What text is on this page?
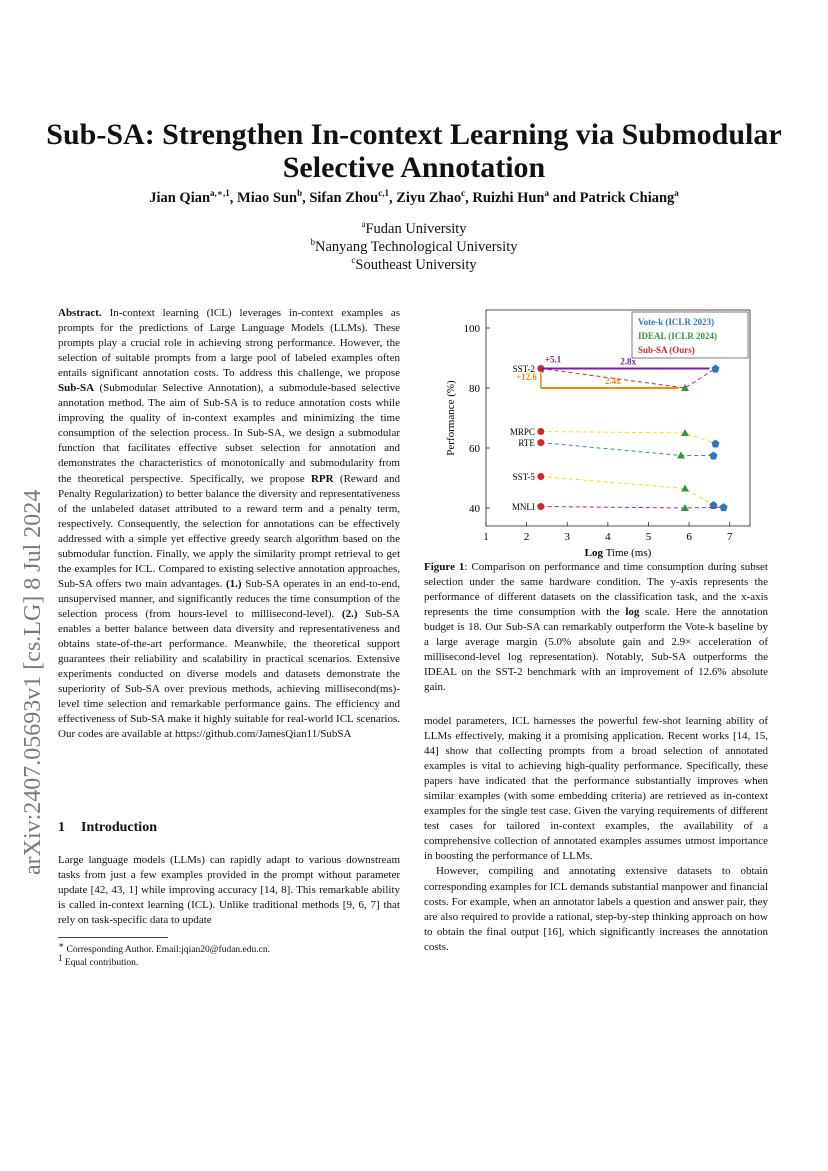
arXiv:2407.05693v1 [cs.LG] 8 Jul 2024
Sub-SA: Strengthen In-context Learning via Submodular
Selective Annotation
Jian Qian$^{a,∗,1}$, Miao Sun$^b$, Sifan Zhou$^{c,1}$, Ziyu Zhao$^c$, Ruizhi Hun$^a$ and Patrick Chiang$^a$
$^a$Fudan University
$^b$Nanyang Technological University
$^c$Southeast University

Abstract. In-context learning (ICL) leverages in-context examples as prompts for the predictions of Large Language Models (LLMs). These prompts play a crucial role in achieving strong performance. However, the selection of suitable prompts from a large pool of labeled examples often entails significant annotation costs. To address this challenge, we propose Sub-SA (Submodular Selective Annotation), a submodule-based selective annotation method. The aim of Sub-SA is to reduce annotation costs while improving the quality of in-context examples and minimizing the time consumption of the selection process. In Sub-SA, we design a submodular function that facilitates effective subset selection for annotation and demonstrates the characteristics of monotonically and submodularity from the theoretical perspective. Specifically, we propose RPR (Reward and Penalty Regularization) to better balance the diversity and representativeness of the unlabeled dataset attributed to a reward term and a penalty term, respectively. Consequently, the selection for annotations can be effectively addressed with a simple yet effective greedy search algorithm based on the submodular function. Finally, we apply the similarity prompt retrieval to get the examples for ICL. Compared to existing selective annotation approaches, Sub-SA offers two main advantages. (1.) Sub-SA operates in an end-to-end, unsupervised manner, and significantly reduces the time consumption of the selection process (from hours-level to millisecond-level). (2.) Sub-SA enables a better balance between data diversity and representativeness and obtains state-of-the-art performance. Meanwhile, the theoretical support guarantees their reliability and scalability in practical scenarios. Extensive experiments conducted on diverse models and datasets demonstrate the superiority of Sub-SA over previous methods, achieving millisecond(ms)-level time selection and remarkable performance gains. The efficiency and effectiveness of Sub-SA make it highly suitable for real-world ICL scenarios. Our codes are available at https://github.com/JamesQian11/SubSA

1 Introduction

Large language models (LLMs) can rapidly adapt to various downstream tasks from just a few examples provided in the prompt without parameter update [42, 43, 1] while improving accuracy [14, 8]. This remarkable ability is called in-context learning (ICL). Unlike traditional methods [9, 6, 7] that rely on task-specific data to update

∗ Corresponding Author. Email:jqian20@fudan.edu.cn.
$^1$ Equal contribution.
1	2	3	4	5	6	7
40
60
80
100
Log Time (ms)
Performance (%)
Vote-k (ICLR 2023)
IDEAL (ICLR 2024)
Sub-SA (Ours)
SST-2
MRPC
RTE
SST-5
MNLI
+5.1	2.8x
+12.6	2.4x

Figure 1: Comparison on performance and time consumption during subset selection under the same hardware condition. The y-axis represents the performance of different datasets on the classification task, and the x-axis represents the time consumption with the log scale. Here the annotation budget is 18. Our Sub-SA can remarkably outperform the Vote-k baseline by a large average margin (5.0% absolute gain and 2.9× acceleration of millisecond-level log representation). Notably, Sub-SA outperforms the IDEAL on the SST-2 benchmark with an improvement of 12.6% absolute gain.

model parameters, ICL harnesses the powerful few-shot learning ability of LLMs effectively, making it a promising application. Recent works [14, 15, 44] show that collecting prompts from a broad selection of annotated examples is vital to achieving high-quality performance. Specifically, these papers have indicated that the performance substantially improves when similar examples (with some embedding criteria) are retrieved as in-context examples for the single test case. Given the varying requirements of different test cases for tailored in-context examples, the availability of a comprehensive collection of annotated examples assumes utmost importance in boosting the performance of LLMs.

However, compiling and annotating extensive datasets to obtain corresponding examples for ICL demands substantial manpower and financial costs. For example, when an annotator labels a question and answer pair, they are also required to provide a rational, step-by-step thinking approach on how to obtain the final output [16], which significantly increases the annotation costs.
